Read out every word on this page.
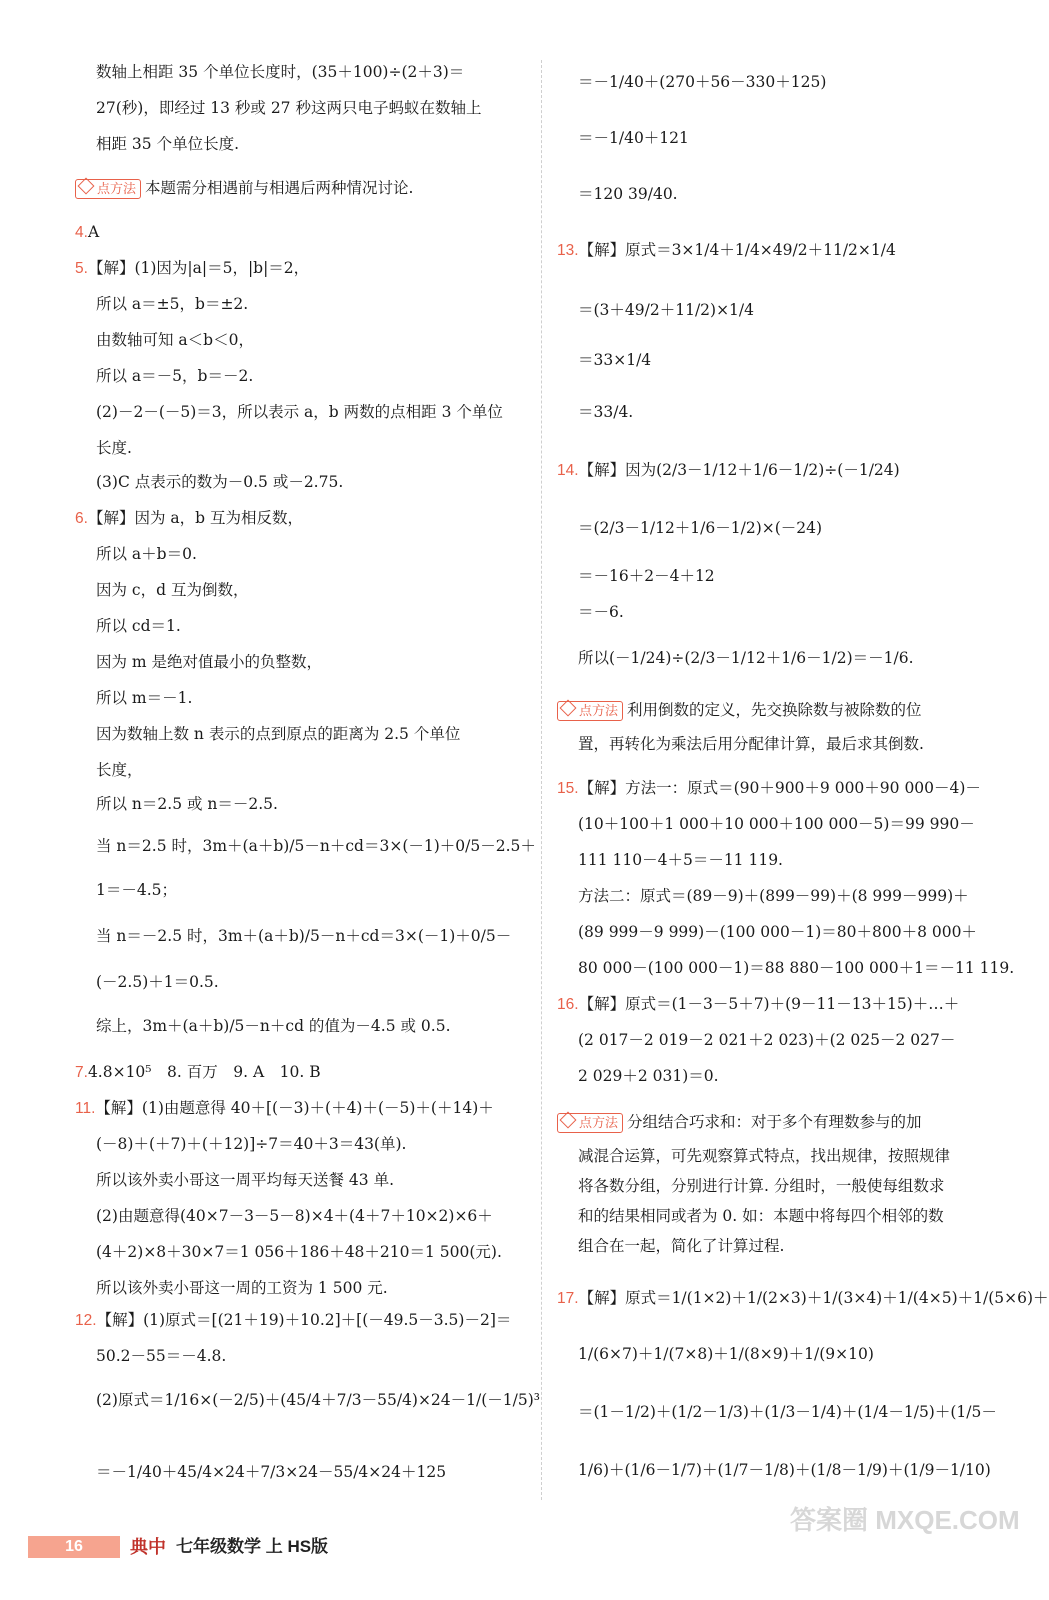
数轴上相距 35 个单位长度时，(35＋100)÷(2＋3)＝
27(秒)，即经过 13 秒或 27 秒这两只电子蚂蚁在数轴上
相距 35 个单位长度.
点方法 本题需分相遇前与相遇后两种情况讨论.
4.A
5.【解】(1)因为|a|＝5，|b|＝2，
所以 a＝±5，b＝±2.
由数轴可知 a＜b＜0，
所以 a＝－5，b＝－2.
(2)－2－(－5)＝3，所以表示 a，b 两数的点相距 3 个单位
长度.
(3)C 点表示的数为－0.5 或－2.75.
6.【解】因为 a，b 互为相反数，
所以 a＋b＝0.
因为 c，d 互为倒数，
所以 cd＝1.
因为 m 是绝对值最小的负整数，
所以 m＝－1.
因为数轴上数 n 表示的点到原点的距离为 2.5 个单位
长度，
所以 n＝2.5 或 n＝－2.5.
当 n＝2.5 时，3m＋(a＋b)/5－n＋cd＝3×(－1)＋0/5－2.5＋
1＝－4.5；
当 n＝－2.5 时，3m＋(a＋b)/5－n＋cd＝3×(－1)＋0/5－
(－2.5)＋1＝0.5.
综上，3m＋(a＋b)/5－n＋cd 的值为－4.5 或 0.5.
7.4.8×10⁵　8. 百万　9. A　10. B
11.【解】(1)由题意得 40＋[(－3)＋(＋4)＋(－5)＋(＋14)＋
(－8)＋(＋7)＋(＋12)]÷7＝40＋3＝43(单).
所以该外卖小哥这一周平均每天送餐 43 单.
(2)由题意得(40×7－3－5－8)×4＋(4＋7＋10×2)×6＋
(4＋2)×8＋30×7＝1 056＋186＋48＋210＝1 500(元).
所以该外卖小哥这一周的工资为 1 500 元.
12.【解】(1)原式＝[(21＋19)＋10.2]＋[(－49.5－3.5)－2]＝
50.2－55＝－4.8.
(2)原式＝1/16×(－2/5)＋(45/4＋7/3－55/4)×24－1/(－1/5)³
＝－1/40＋45/4×24＋7/3×24－55/4×24＋125
＝－1/40＋(270＋56－330＋125)
＝－1/40＋121
＝120 39/40.
13.【解】原式＝3×1/4＋1/4×49/2＋11/2×1/4
＝(3＋49/2＋11/2)×1/4
＝33×1/4
＝33/4.
14.【解】因为(2/3－1/12＋1/6－1/2)÷(－1/24)
＝(2/3－1/12＋1/6－1/2)×(－24)
＝－16＋2－4＋12
＝－6.
所以(－1/24)÷(2/3－1/12＋1/6－1/2)＝－1/6.
点方法 利用倒数的定义，先交换除数与被除数的位
置，再转化为乘法后用分配律计算，最后求其倒数.
15.【解】方法一：原式＝(90＋900＋9 000＋90 000－4)－
(10＋100＋1 000＋10 000＋100 000－5)＝99 990－
111 110－4＋5＝－11 119.
方法二：原式＝(89－9)＋(899－99)＋(8 999－999)＋
(89 999－9 999)－(100 000－1)＝80＋800＋8 000＋
80 000－(100 000－1)＝88 880－100 000＋1＝－11 119.
16.【解】原式＝(1－3－5＋7)＋(9－11－13＋15)＋…＋
(2 017－2 019－2 021＋2 023)＋(2 025－2 027－
2 029＋2 031)＝0.
点方法 分组结合巧求和：对于多个有理数参与的加
减混合运算，可先观察算式特点，找出规律，按照规律
将各数分组，分别进行计算. 分组时，一般使每组数求
和的结果相同或者为 0. 如：本题中将每四个相邻的数
组合在一起，简化了计算过程.
17.【解】原式＝1/(1×2)＋1/(2×3)＋1/(3×4)＋1/(4×5)＋1/(5×6)＋
1/(6×7)＋1/(7×8)＋1/(8×9)＋1/(9×10)
＝(1－1/2)＋(1/2－1/3)＋(1/3－1/4)＋(1/4－1/5)＋(1/5－
1/6)＋(1/6－1/7)＋(1/7－1/8)＋(1/8－1/9)＋(1/9－1/10)
16	典中 七年级数学 上 HS版
答案圈 MXQE.COM
